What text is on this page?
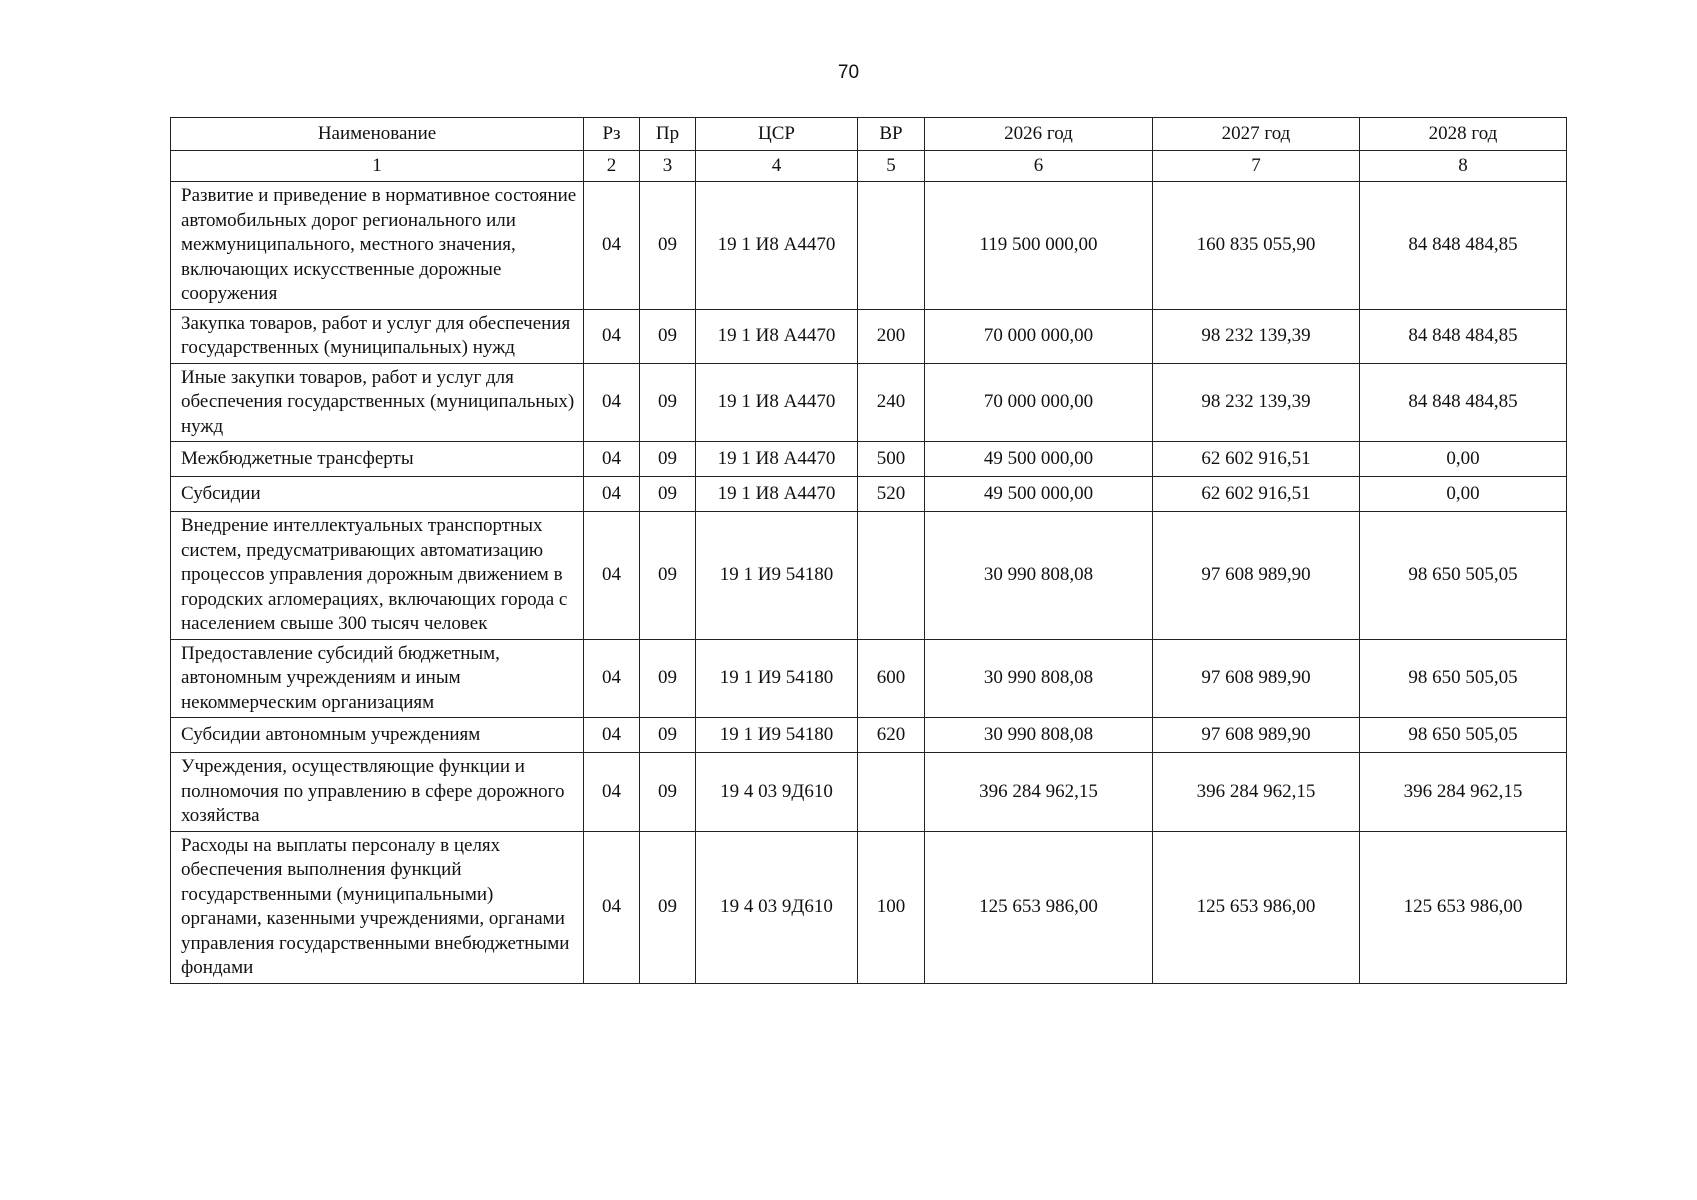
70
Наименование	Рз	Пр	ЦСР	ВР	2026 год	2027 год	2028 год
1	2	3	4	5	6	7	8
Развитие и приведение в нормативное состояние автомобильных дорог регионального или межмуниципального, местного значения, включающих искусственные дорожные сооружения	04	09	19 1 И8 А4470		119 500 000,00	160 835 055,90	84 848 484,85
Закупка товаров, работ и услуг для обеспечения государственных (муниципальных) нужд	04	09	19 1 И8 А4470	200	70 000 000,00	98 232 139,39	84 848 484,85
Иные закупки товаров, работ и услуг для обеспечения государственных (муниципальных) нужд	04	09	19 1 И8 А4470	240	70 000 000,00	98 232 139,39	84 848 484,85
Межбюджетные трансферты	04	09	19 1 И8 А4470	500	49 500 000,00	62 602 916,51	0,00
Субсидии	04	09	19 1 И8 А4470	520	49 500 000,00	62 602 916,51	0,00
Внедрение интеллектуальных транспортных систем, предусматривающих автоматизацию процессов управления дорожным движением в городских агломерациях, включающих города с населением свыше 300 тысяч человек	04	09	19 1 И9 54180		30 990 808,08	97 608 989,90	98 650 505,05
Предоставление субсидий бюджетным, автономным учреждениям и иным некоммерческим организациям	04	09	19 1 И9 54180	600	30 990 808,08	97 608 989,90	98 650 505,05
Субсидии автономным учреждениям	04	09	19 1 И9 54180	620	30 990 808,08	97 608 989,90	98 650 505,05
Учреждения, осуществляющие функции и полномочия по управлению в сфере дорожного хозяйства	04	09	19 4 03 9Д610		396 284 962,15	396 284 962,15	396 284 962,15
Расходы на выплаты персоналу в целях обеспечения выполнения функций государственными (муниципальными) органами, казенными учреждениями, органами управления государственными внебюджетными фондами	04	09	19 4 03 9Д610	100	125 653 986,00	125 653 986,00	125 653 986,00
